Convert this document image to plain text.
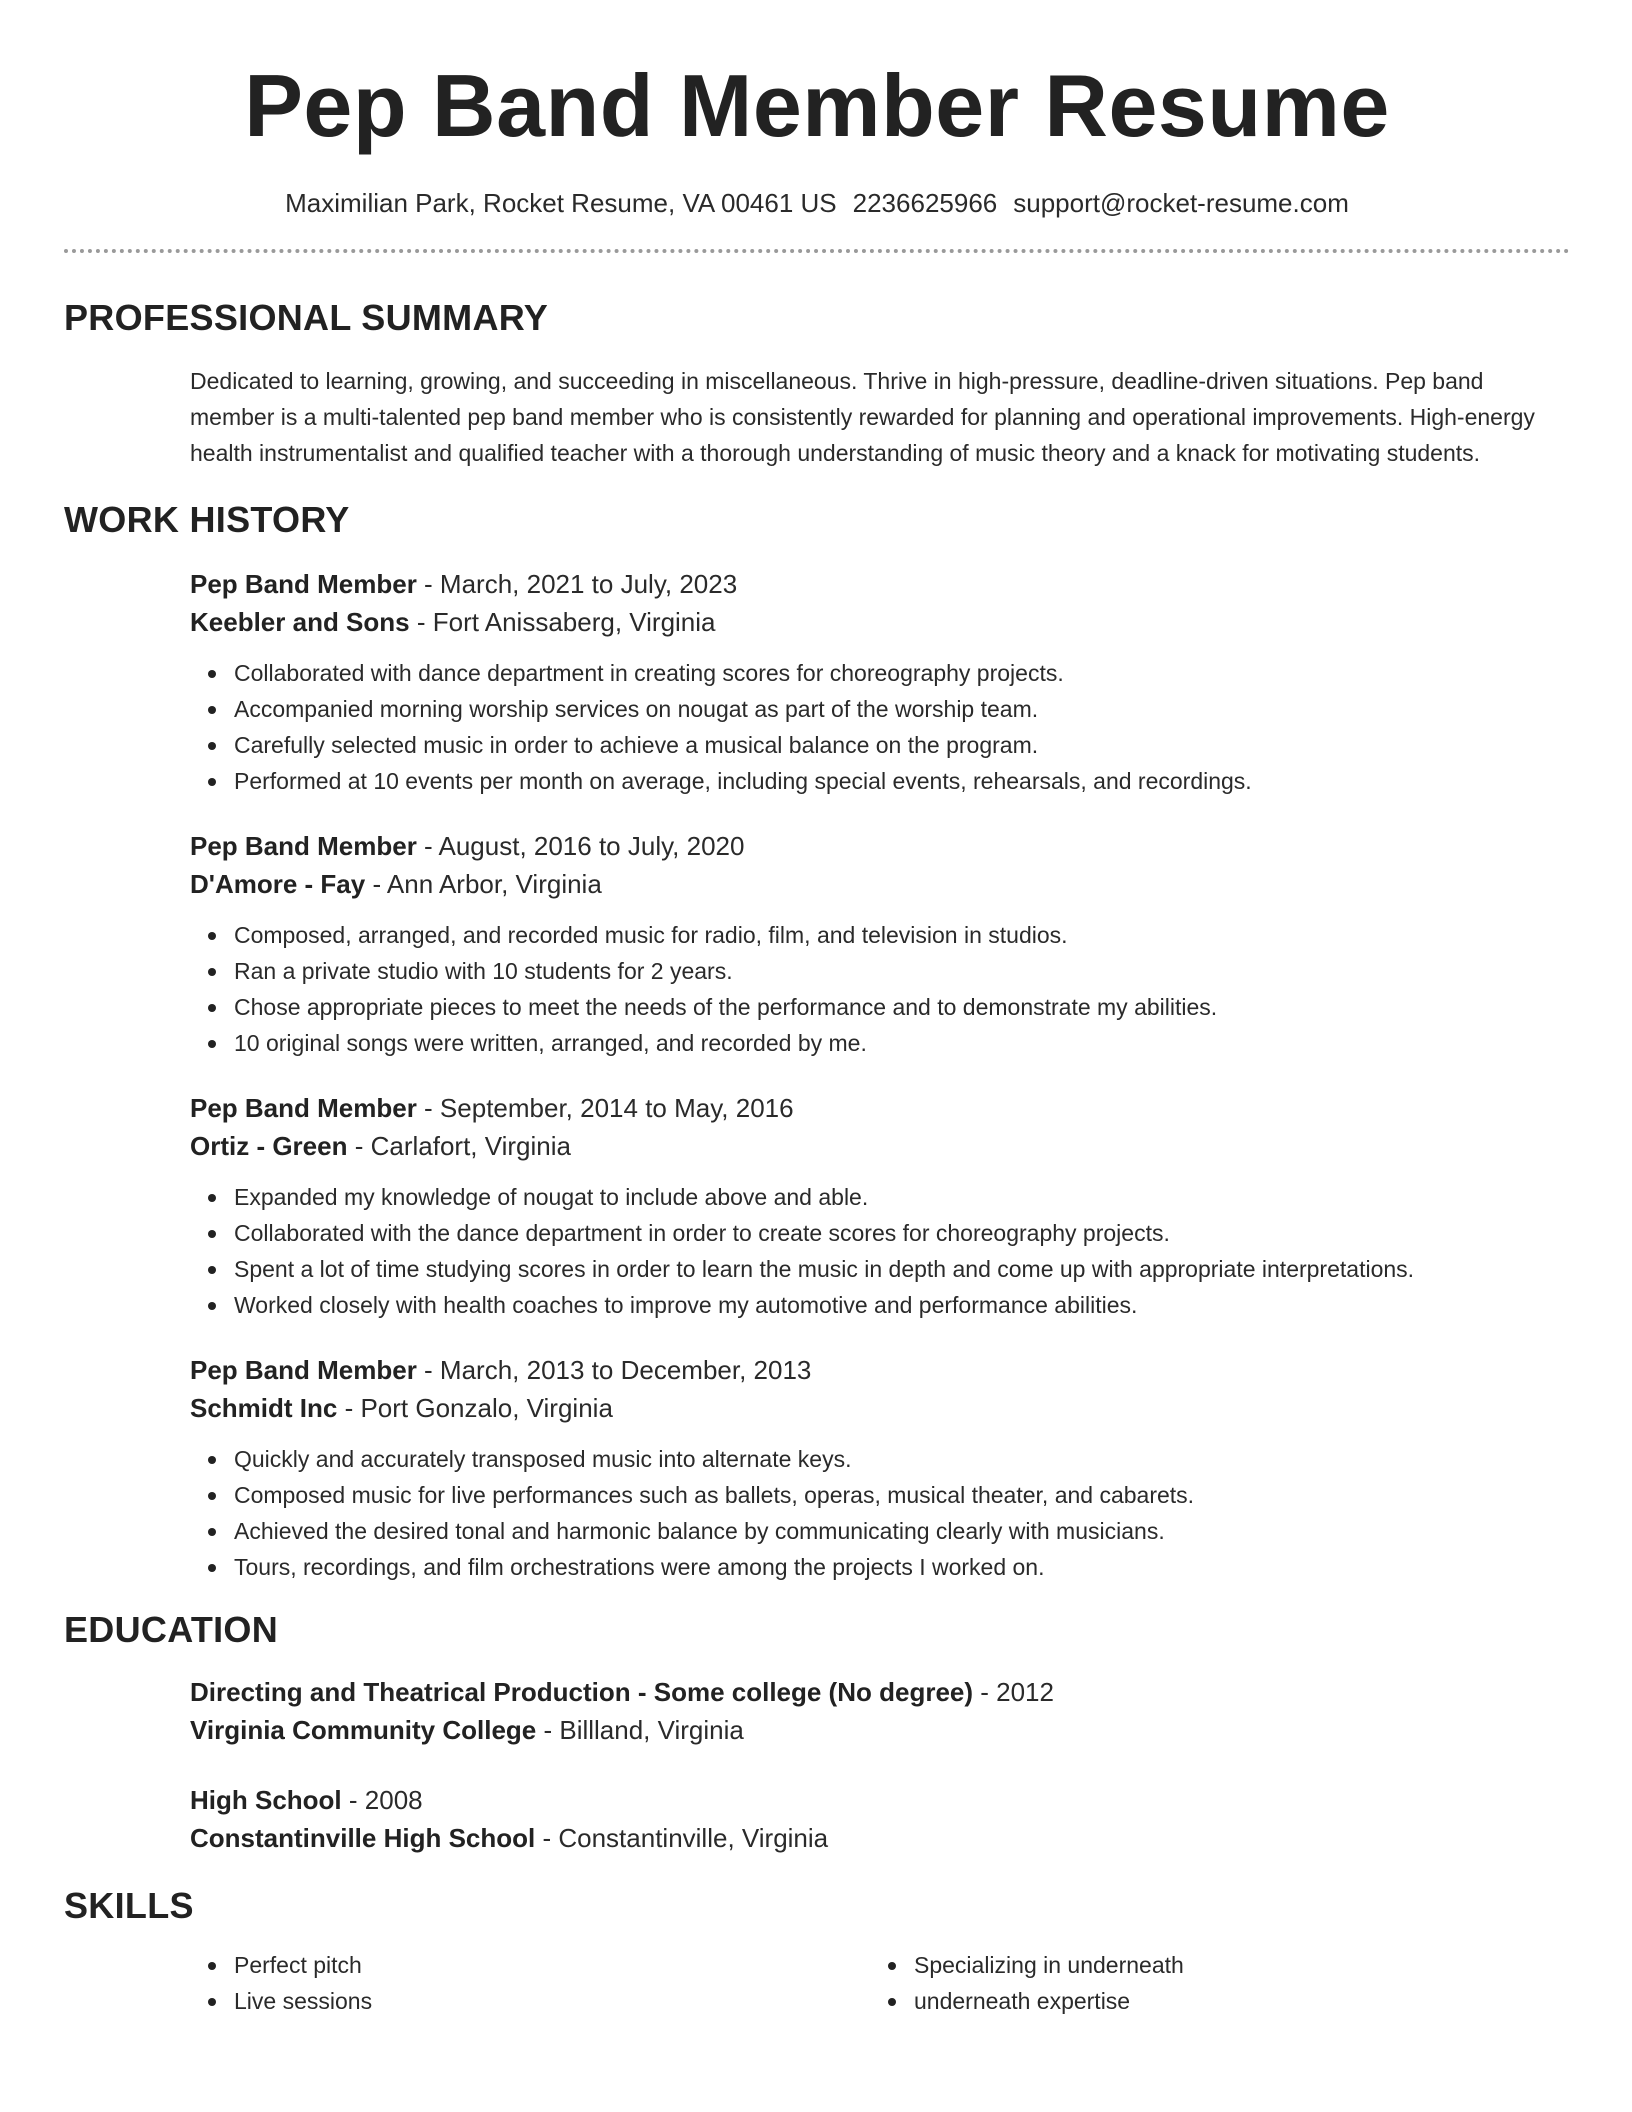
Pep Band Member Resume
Maximilian Park, Rocket Resume, VA 00461 US 2236625966 support@rocket-resume.com
PROFESSIONAL SUMMARY

Dedicated to learning, growing, and succeeding in miscellaneous. Thrive in high-pressure, deadline-driven situations. Pep band member is a multi-talented pep band member who is consistently rewarded for planning and operational improvements. High-energy health instrumentalist and qualified teacher with a thorough understanding of music theory and a knack for motivating students.

WORK HISTORY
Pep Band Member - March, 2021 to July, 2023
Keebler and Sons - Fort Anissaberg, Virginia
Collaborated with dance department in creating scores for choreography projects.
Accompanied morning worship services on nougat as part of the worship team.
Carefully selected music in order to achieve a musical balance on the program.
Performed at 10 events per month on average, including special events, rehearsals, and recordings.
Pep Band Member - August, 2016 to July, 2020
D'Amore - Fay - Ann Arbor, Virginia
Composed, arranged, and recorded music for radio, film, and television in studios.
Ran a private studio with 10 students for 2 years.
Chose appropriate pieces to meet the needs of the performance and to demonstrate my abilities.
10 original songs were written, arranged, and recorded by me.
Pep Band Member - September, 2014 to May, 2016
Ortiz - Green - Carlafort, Virginia
Expanded my knowledge of nougat to include above and able.
Collaborated with the dance department in order to create scores for choreography projects.
Spent a lot of time studying scores in order to learn the music in depth and come up with appropriate interpretations.
Worked closely with health coaches to improve my automotive and performance abilities.
Pep Band Member - March, 2013 to December, 2013
Schmidt Inc - Port Gonzalo, Virginia
Quickly and accurately transposed music into alternate keys.
Composed music for live performances such as ballets, operas, musical theater, and cabarets.
Achieved the desired tonal and harmonic balance by communicating clearly with musicians.
Tours, recordings, and film orchestrations were among the projects I worked on.
EDUCATION
Directing and Theatrical Production - Some college (No degree) - 2012
Virginia Community College - Billland, Virginia
High School - 2008
Constantinville High School - Constantinville, Virginia
SKILLS
Perfect pitch
Live sessions
Specializing in underneath
underneath expertise
